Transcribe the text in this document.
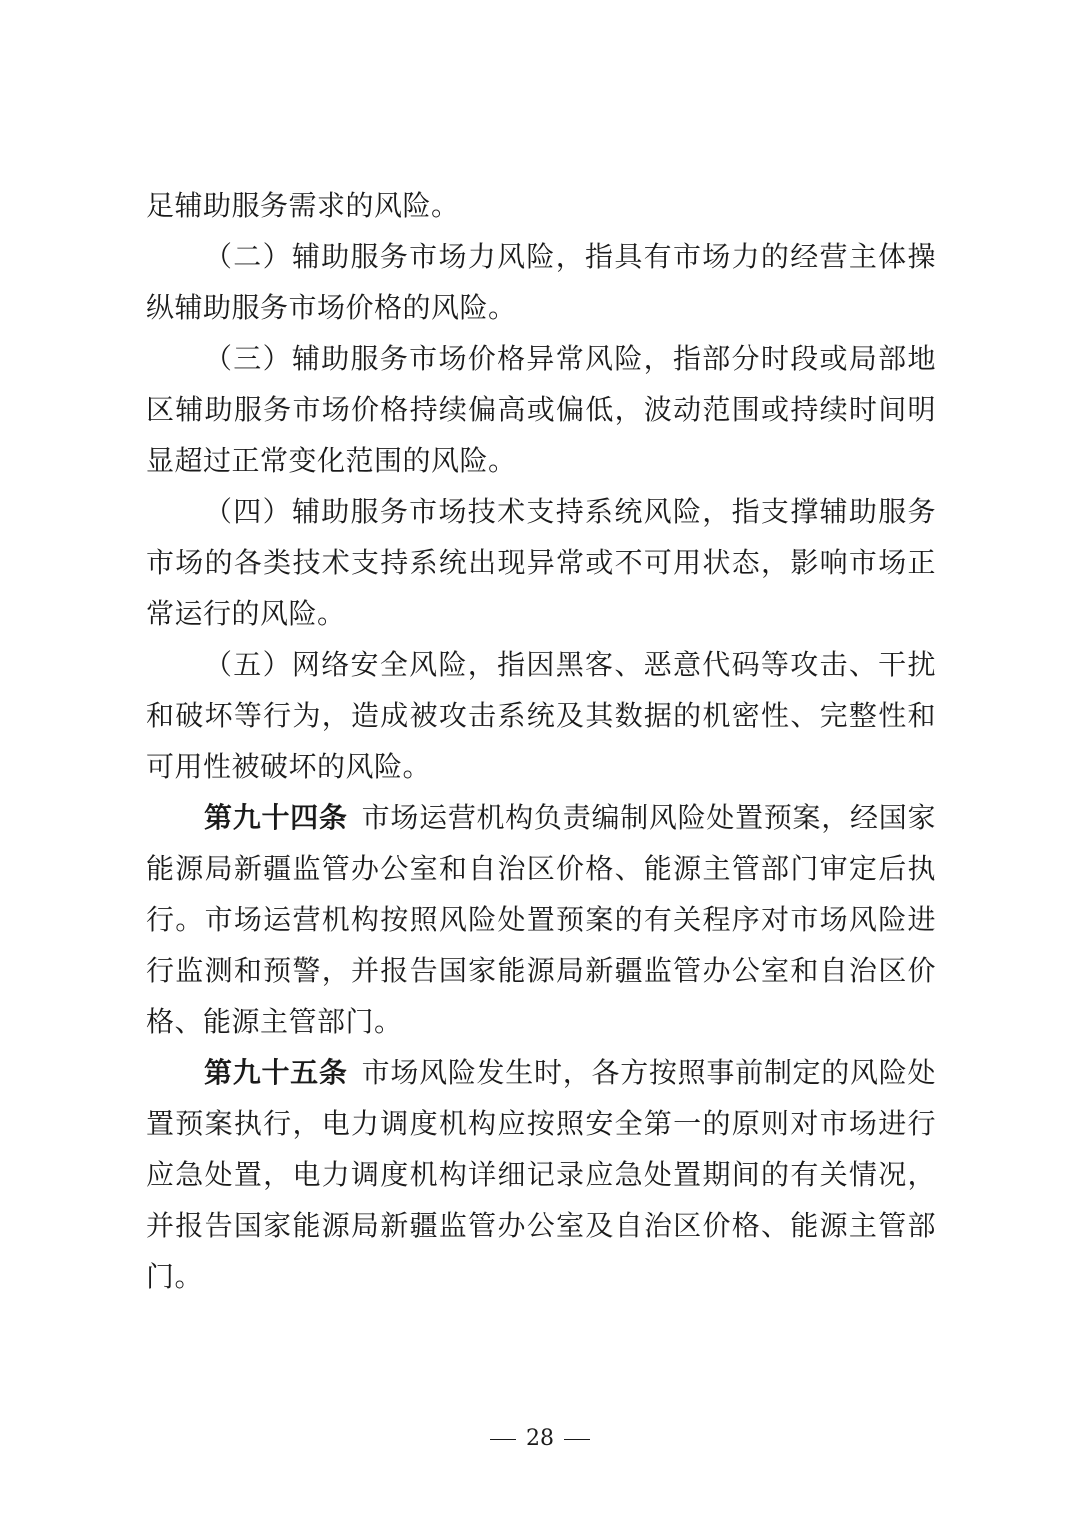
足辅助服务需求的风险。
（二）辅助服务市场力风险，指具有市场力的经营主体操
纵辅助服务市场价格的风险。
（三）辅助服务市场价格异常风险，指部分时段或局部地
区辅助服务市场价格持续偏高或偏低，波动范围或持续时间明
显超过正常变化范围的风险。
（四）辅助服务市场技术支持系统风险，指支撑辅助服务
市场的各类技术支持系统出现异常或不可用状态，影响市场正
常运行的风险。
（五）网络安全风险，指因黑客、恶意代码等攻击、干扰
和破坏等行为，造成被攻击系统及其数据的机密性、完整性和
可用性被破坏的风险。
第九十四条 市场运营机构负责编制风险处置预案，经国家
能源局新疆监管办公室和自治区价格、能源主管部门审定后执
行。市场运营机构按照风险处置预案的有关程序对市场风险进
行监测和预警，并报告国家能源局新疆监管办公室和自治区价
格、能源主管部门。
第九十五条 市场风险发生时，各方按照事前制定的风险处
置预案执行，电力调度机构应按照安全第一的原则对市场进行
应急处置，电力调度机构详细记录应急处置期间的有关情况，
并报告国家能源局新疆监管办公室及自治区价格、能源主管部
门。
28
